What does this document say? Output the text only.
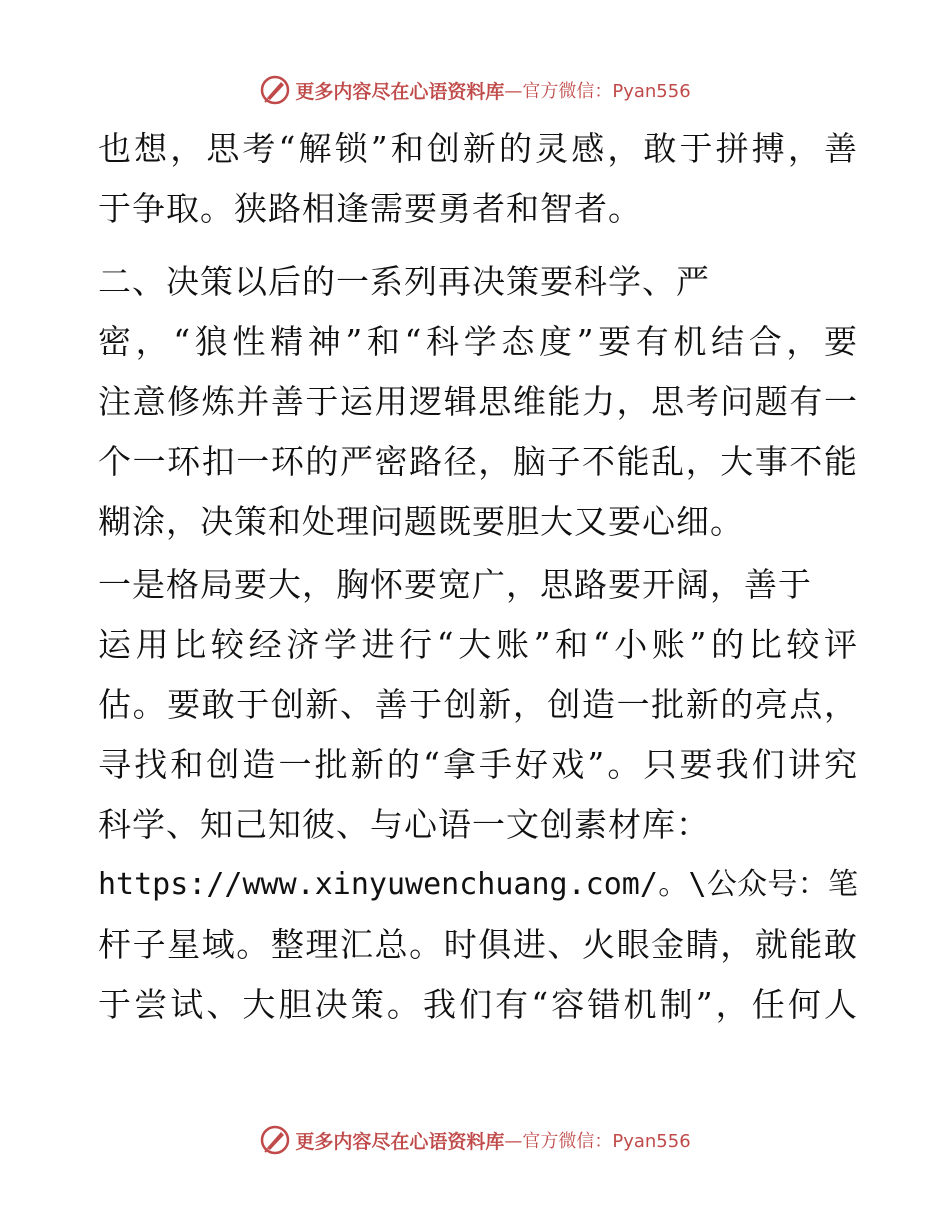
更多内容尽在心语资料库 —官方微信：Pyan556
也想，思考“解锁”和创新的灵感，敢于拼搏，善
于争取。狭路相逢需要勇者和智者。
二、决策以后的一系列再决策要科学、严
密，“狼性精神”和“科学态度”要有机结合，要
注意修炼并善于运用逻辑思维能力，思考问题有一
个一环扣一环的严密路径，脑子不能乱，大事不能
糊涂，决策和处理问题既要胆大又要心细。
一是格局要大，胸怀要宽广，思路要开阔，善于
运用比较经济学进行“大账”和“小账”的比较评
估。要敢于创新、善于创新，创造一批新的亮点，
寻找和创造一批新的“拿手好戏”。只要我们讲究
科学、知己知彼、与心语一文创素材库：
https://www.xinyuwenchuang.com/。\公众号：笔
杆子星域。整理汇总。时俱进、火眼金睛，就能敢
于尝试、大胆决策。我们有“容错机制”，任何人
更多内容尽在心语资料库 —官方微信：Pyan556
